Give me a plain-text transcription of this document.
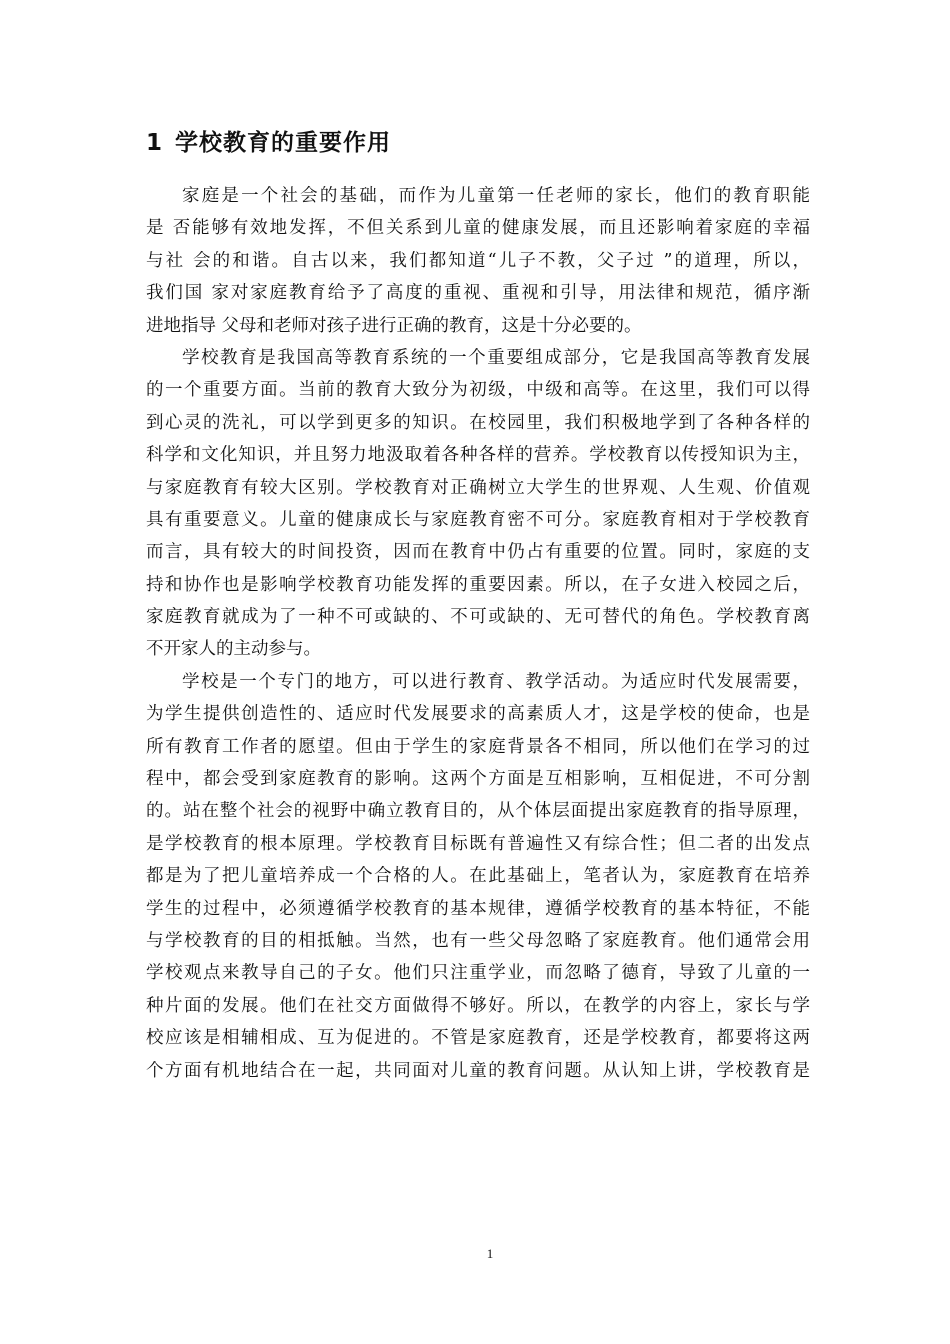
1 学校教育的重要作用
家庭是一个社会的基础，而作为儿童第一任老师的家长，他们的教育职能
是 否能够有效地发挥，不但关系到儿童的健康发展，而且还影响着家庭的幸福
与社 会的和谐。自古以来，我们都知道“儿子不教，父子过 ”的道理，所以，
我们国 家对家庭教育给予了高度的重视、重视和引导，用法律和规范，循序渐
进地指导 父母和老师对孩子进行正确的教育，这是十分必要的。
学校教育是我国高等教育系统的一个重要组成部分，它是我国高等教育发展
的一个重要方面。当前的教育大致分为初级，中级和高等。在这里，我们可以得
到心灵的洗礼，可以学到更多的知识。在校园里，我们积极地学到了各种各样的
科学和文化知识，并且努力地汲取着各种各样的营养。学校教育以传授知识为主，
与家庭教育有较大区别。学校教育对正确树立大学生的世界观、人生观、价值观
具有重要意义。儿童的健康成长与家庭教育密不可分。家庭教育相对于学校教育
而言，具有较大的时间投资，因而在教育中仍占有重要的位置。同时，家庭的支
持和协作也是影响学校教育功能发挥的重要因素。所以，在子女进入校园之后，
家庭教育就成为了一种不可或缺的、不可或缺的、无可替代的角色。学校教育离
不开家人的主动参与。
学校是一个专门的地方，可以进行教育、教学活动。为适应时代发展需要，
为学生提供创造性的、适应时代发展要求的高素质人才，这是学校的使命，也是
所有教育工作者的愿望。但由于学生的家庭背景各不相同，所以他们在学习的过
程中，都会受到家庭教育的影响。这两个方面是互相影响，互相促进，不可分割
的。站在整个社会的视野中确立教育目的，从个体层面提出家庭教育的指导原理，
是学校教育的根本原理。学校教育目标既有普遍性又有综合性；但二者的出发点
都是为了把儿童培养成一个合格的人。在此基础上，笔者认为，家庭教育在培养
学生的过程中，必须遵循学校教育的基本规律，遵循学校教育的基本特征，不能
与学校教育的目的相抵触。当然，也有一些父母忽略了家庭教育。他们通常会用
学校观点来教导自己的子女。他们只注重学业，而忽略了德育，导致了儿童的一
种片面的发展。他们在社交方面做得不够好。所以，在教学的内容上，家长与学
校应该是相辅相成、互为促进的。不管是家庭教育，还是学校教育，都要将这两
个方面有机地结合在一起，共同面对儿童的教育问题。从认知上讲，学校教育是
1
